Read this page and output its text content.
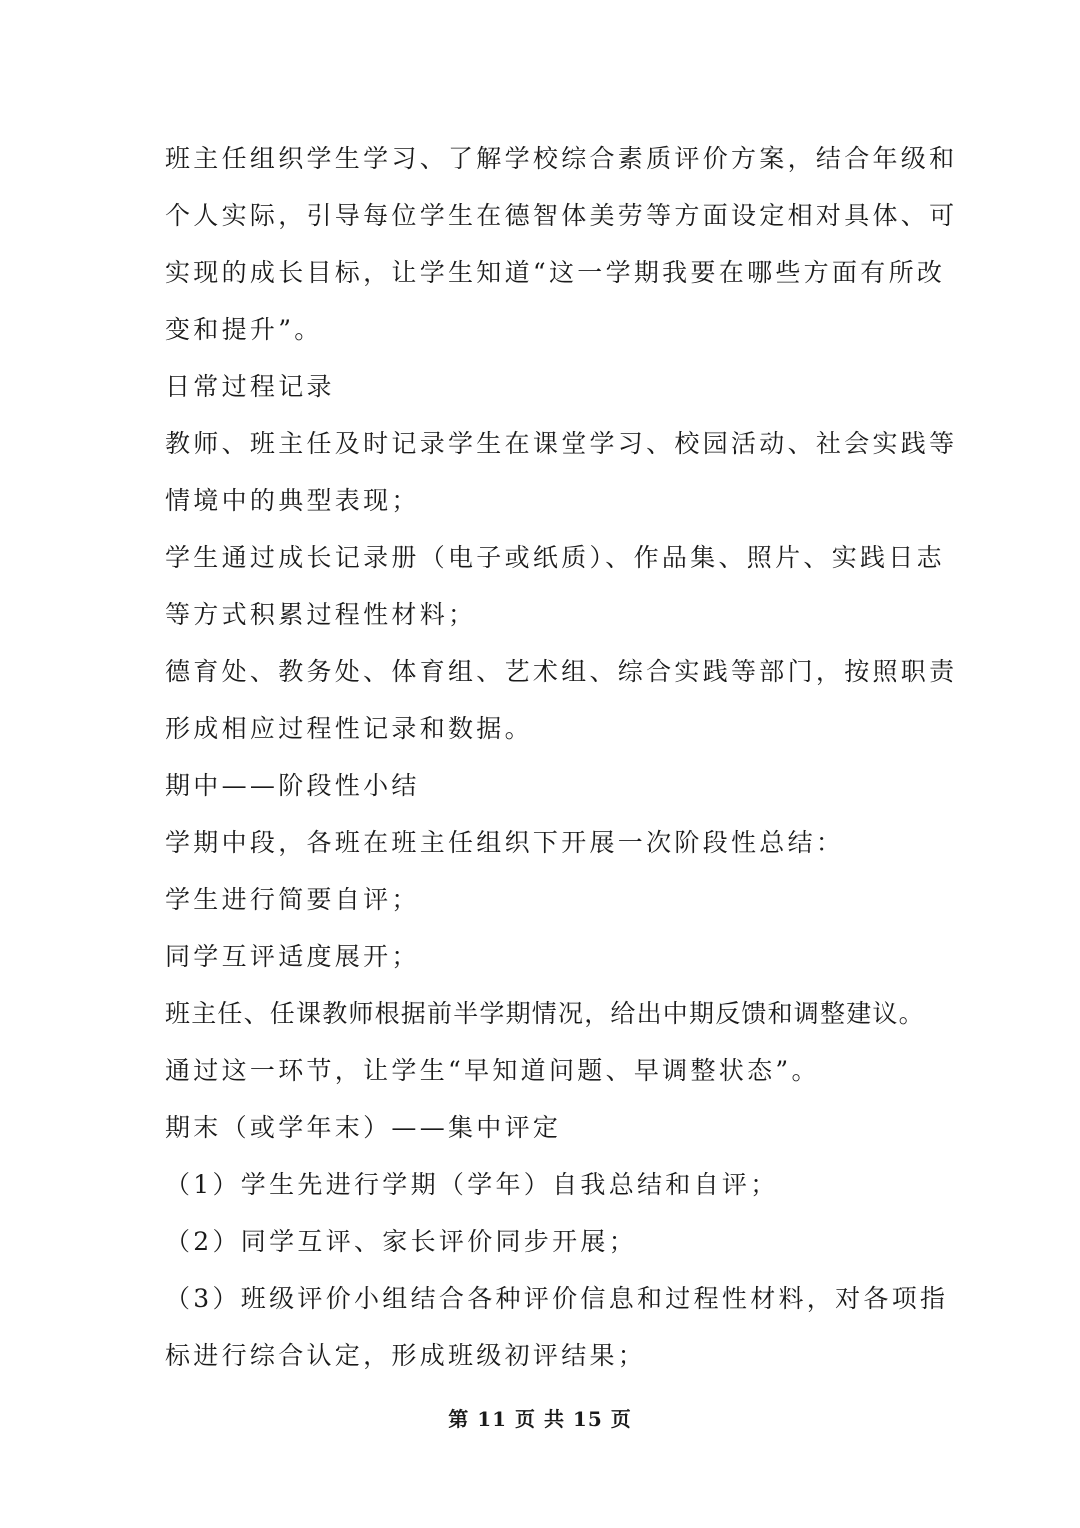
班主任组织学生学习、了解学校综合素质评价方案，结合年级和
个人实际，引导每位学生在德智体美劳等方面设定相对具体、可
实现的成长目标，让学生知道“这一学期我要在哪些方面有所改
变和提升”。
日常过程记录
教师、班主任及时记录学生在课堂学习、校园活动、社会实践等
情境中的典型表现；
学生通过成长记录册（电子或纸质）、作品集、照片、实践日志
等方式积累过程性材料；
德育处、教务处、体育组、艺术组、综合实践等部门，按照职责
形成相应过程性记录和数据。
期中——阶段性小结
学期中段，各班在班主任组织下开展一次阶段性总结：
学生进行简要自评；
同学互评适度展开；
班主任、任课教师根据前半学期情况，给出中期反馈和调整建议。
通过这一环节，让学生“早知道问题、早调整状态”。
期末（或学年末）——集中评定
（1）学生先进行学期（学年）自我总结和自评；
（2）同学互评、家长评价同步开展；
（3）班级评价小组结合各种评价信息和过程性材料，对各项指
标进行综合认定，形成班级初评结果；
第 11 页 共 15 页
